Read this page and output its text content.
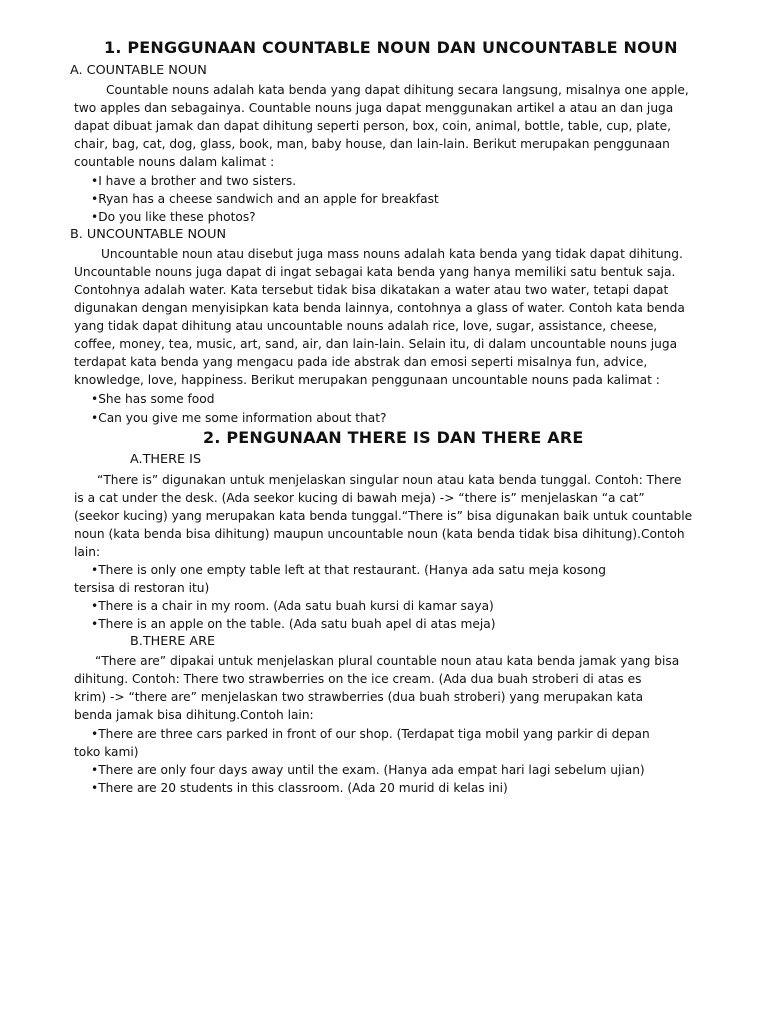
1. PENGGUNAAN COUNTABLE NOUN DAN UNCOUNTABLE NOUN
A. COUNTABLE NOUN
Countable nouns adalah kata benda yang dapat dihitung secara langsung, misalnya one apple,
two apples dan sebagainya. Countable nouns juga dapat menggunakan artikel a atau an dan juga
dapat dibuat jamak dan dapat dihitung seperti person, box, coin, animal, bottle, table, cup, plate,
chair, bag, cat, dog, glass, book, man, baby house, dan lain-lain. Berikut merupakan penggunaan
countable nouns dalam kalimat :
•I have a brother and two sisters.
•Ryan has a cheese sandwich and an apple for breakfast
•Do you like these photos?
B. UNCOUNTABLE NOUN
Uncountable noun atau disebut juga mass nouns adalah kata benda yang tidak dapat dihitung.
Uncountable nouns juga dapat di ingat sebagai kata benda yang hanya memiliki satu bentuk saja.
Contohnya adalah water. Kata tersebut tidak bisa dikatakan a water atau two water, tetapi dapat
digunakan dengan menyisipkan kata benda lainnya, contohnya a glass of water. Contoh kata benda
yang tidak dapat dihitung atau uncountable nouns adalah rice, love, sugar, assistance, cheese,
coffee, money, tea, music, art, sand, air, dan lain-lain. Selain itu, di dalam uncountable nouns juga
terdapat kata benda yang mengacu pada ide abstrak dan emosi seperti misalnya fun, advice,
knowledge, love, happiness. Berikut merupakan penggunaan uncountable nouns pada kalimat :
•She has some food
•Can you give me some information about that?
2. PENGUNAAN THERE IS DAN THERE ARE
A.THERE IS
“There is” digunakan untuk menjelaskan singular noun atau kata benda tunggal. Contoh: There
is a cat under the desk. (Ada seekor kucing di bawah meja) -> “there is” menjelaskan “a cat”
(seekor kucing) yang merupakan kata benda tunggal.“There is” bisa digunakan baik untuk countable
noun (kata benda bisa dihitung) maupun uncountable noun (kata benda tidak bisa dihitung).Contoh
lain:
•There is only one empty table left at that restaurant. (Hanya ada satu meja kosong
tersisa di restoran itu)
•There is a chair in my room. (Ada satu buah kursi di kamar saya)
•There is an apple on the table. (Ada satu buah apel di atas meja)
B.THERE ARE
“There are” dipakai untuk menjelaskan plural countable noun atau kata benda jamak yang bisa
dihitung. Contoh: There two strawberries on the ice cream. (Ada dua buah stroberi di atas es
krim) -> “there are” menjelaskan two strawberries (dua buah stroberi) yang merupakan kata
benda jamak bisa dihitung.Contoh lain:
•There are three cars parked in front of our shop. (Terdapat tiga mobil yang parkir di depan
toko kami)
•There are only four days away until the exam. (Hanya ada empat hari lagi sebelum ujian)
•There are 20 students in this classroom. (Ada 20 murid di kelas ini)
